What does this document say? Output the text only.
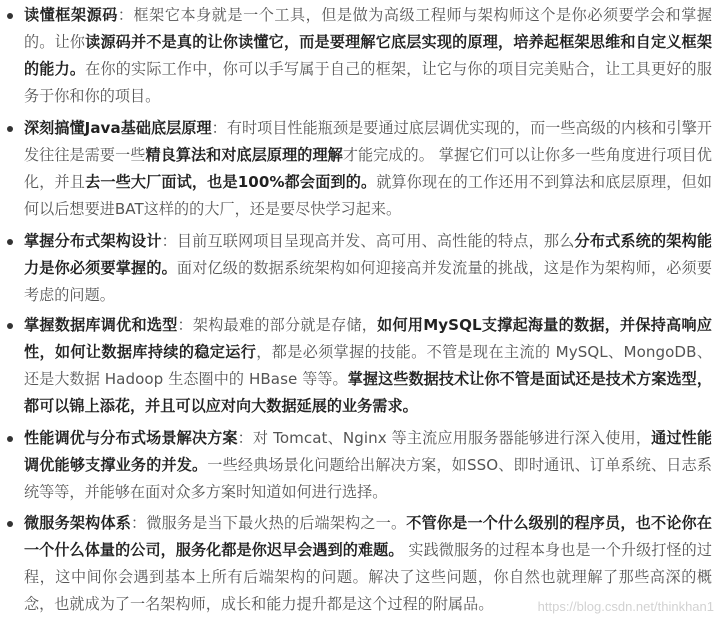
读懂框架源码：框架它本身就是一个工具，但是做为高级工程师与架构师这个是你必须要学会和掌握的。让你读源码并不是真的让你读懂它，而是要理解它底层实现的原理，培养起框架思维和自定义框架的能力。在你的实际工作中，你可以手写属于自己的框架，让它与你的项目完美贴合，让工具更好的服务于你和你的项目。

深刻搞懂Java基础底层原理：有时项目性能瓶颈是要通过底层调优实现的，而一些高级的内核和引擎开发往往是需要一些精良算法和对底层原理的理解才能完成的。 掌握它们可以让你多一些角度进行项目优化，并且去一些大厂面试，也是100%都会面到的。就算你现在的工作还用不到算法和底层原理，但如何以后想要进BAT这样的的大厂，还是要尽快学习起来。

掌握分布式架构设计：目前互联网项目呈现高并发、高可用、高性能的特点，那么分布式系统的架构能力是你必须要掌握的。面对亿级的数据系统架构如何迎接高并发流量的挑战，这是作为架构师，必须要考虑的问题。

掌握数据库调优和选型：架构最难的部分就是存储，如何用MySQL支撑起海量的数据，并保持高响应性，如何让数据库持续的稳定运行，都是必须掌握的技能。不管是现在主流的 MySQL、MongoDB、还是大数据 Hadoop 生态圈中的 HBase 等等。掌握这些数据技术让你不管是面试还是技术方案选型，都可以锦上添花，并且可以应对向大数据延展的业务需求。

性能调优与分布式场景解决方案：对 Tomcat、Nginx 等主流应用服务器能够进行深入使用，通过性能调优能够支撑业务的并发。一些经典场景化问题给出解决方案，如SSO、即时通讯、订单系统、日志系统等等，并能够在面对众多方案时知道如何进行选择。

微服务架构体系：微服务是当下最火热的后端架构之一。不管你是一个什么级别的程序员，也不论你在一个什么体量的公司，服务化都是你迟早会遇到的难题。 实践微服务的过程本身也是一个升级打怪的过程，这中间你会遇到基本上所有后端架构的问题。解决了这些问题，你自然也就理解了那些高深的概念，也就成为了一名架构师，成长和能力提升都是这个过程的附属品。	https://blog.csdn.net/thinkhan1
